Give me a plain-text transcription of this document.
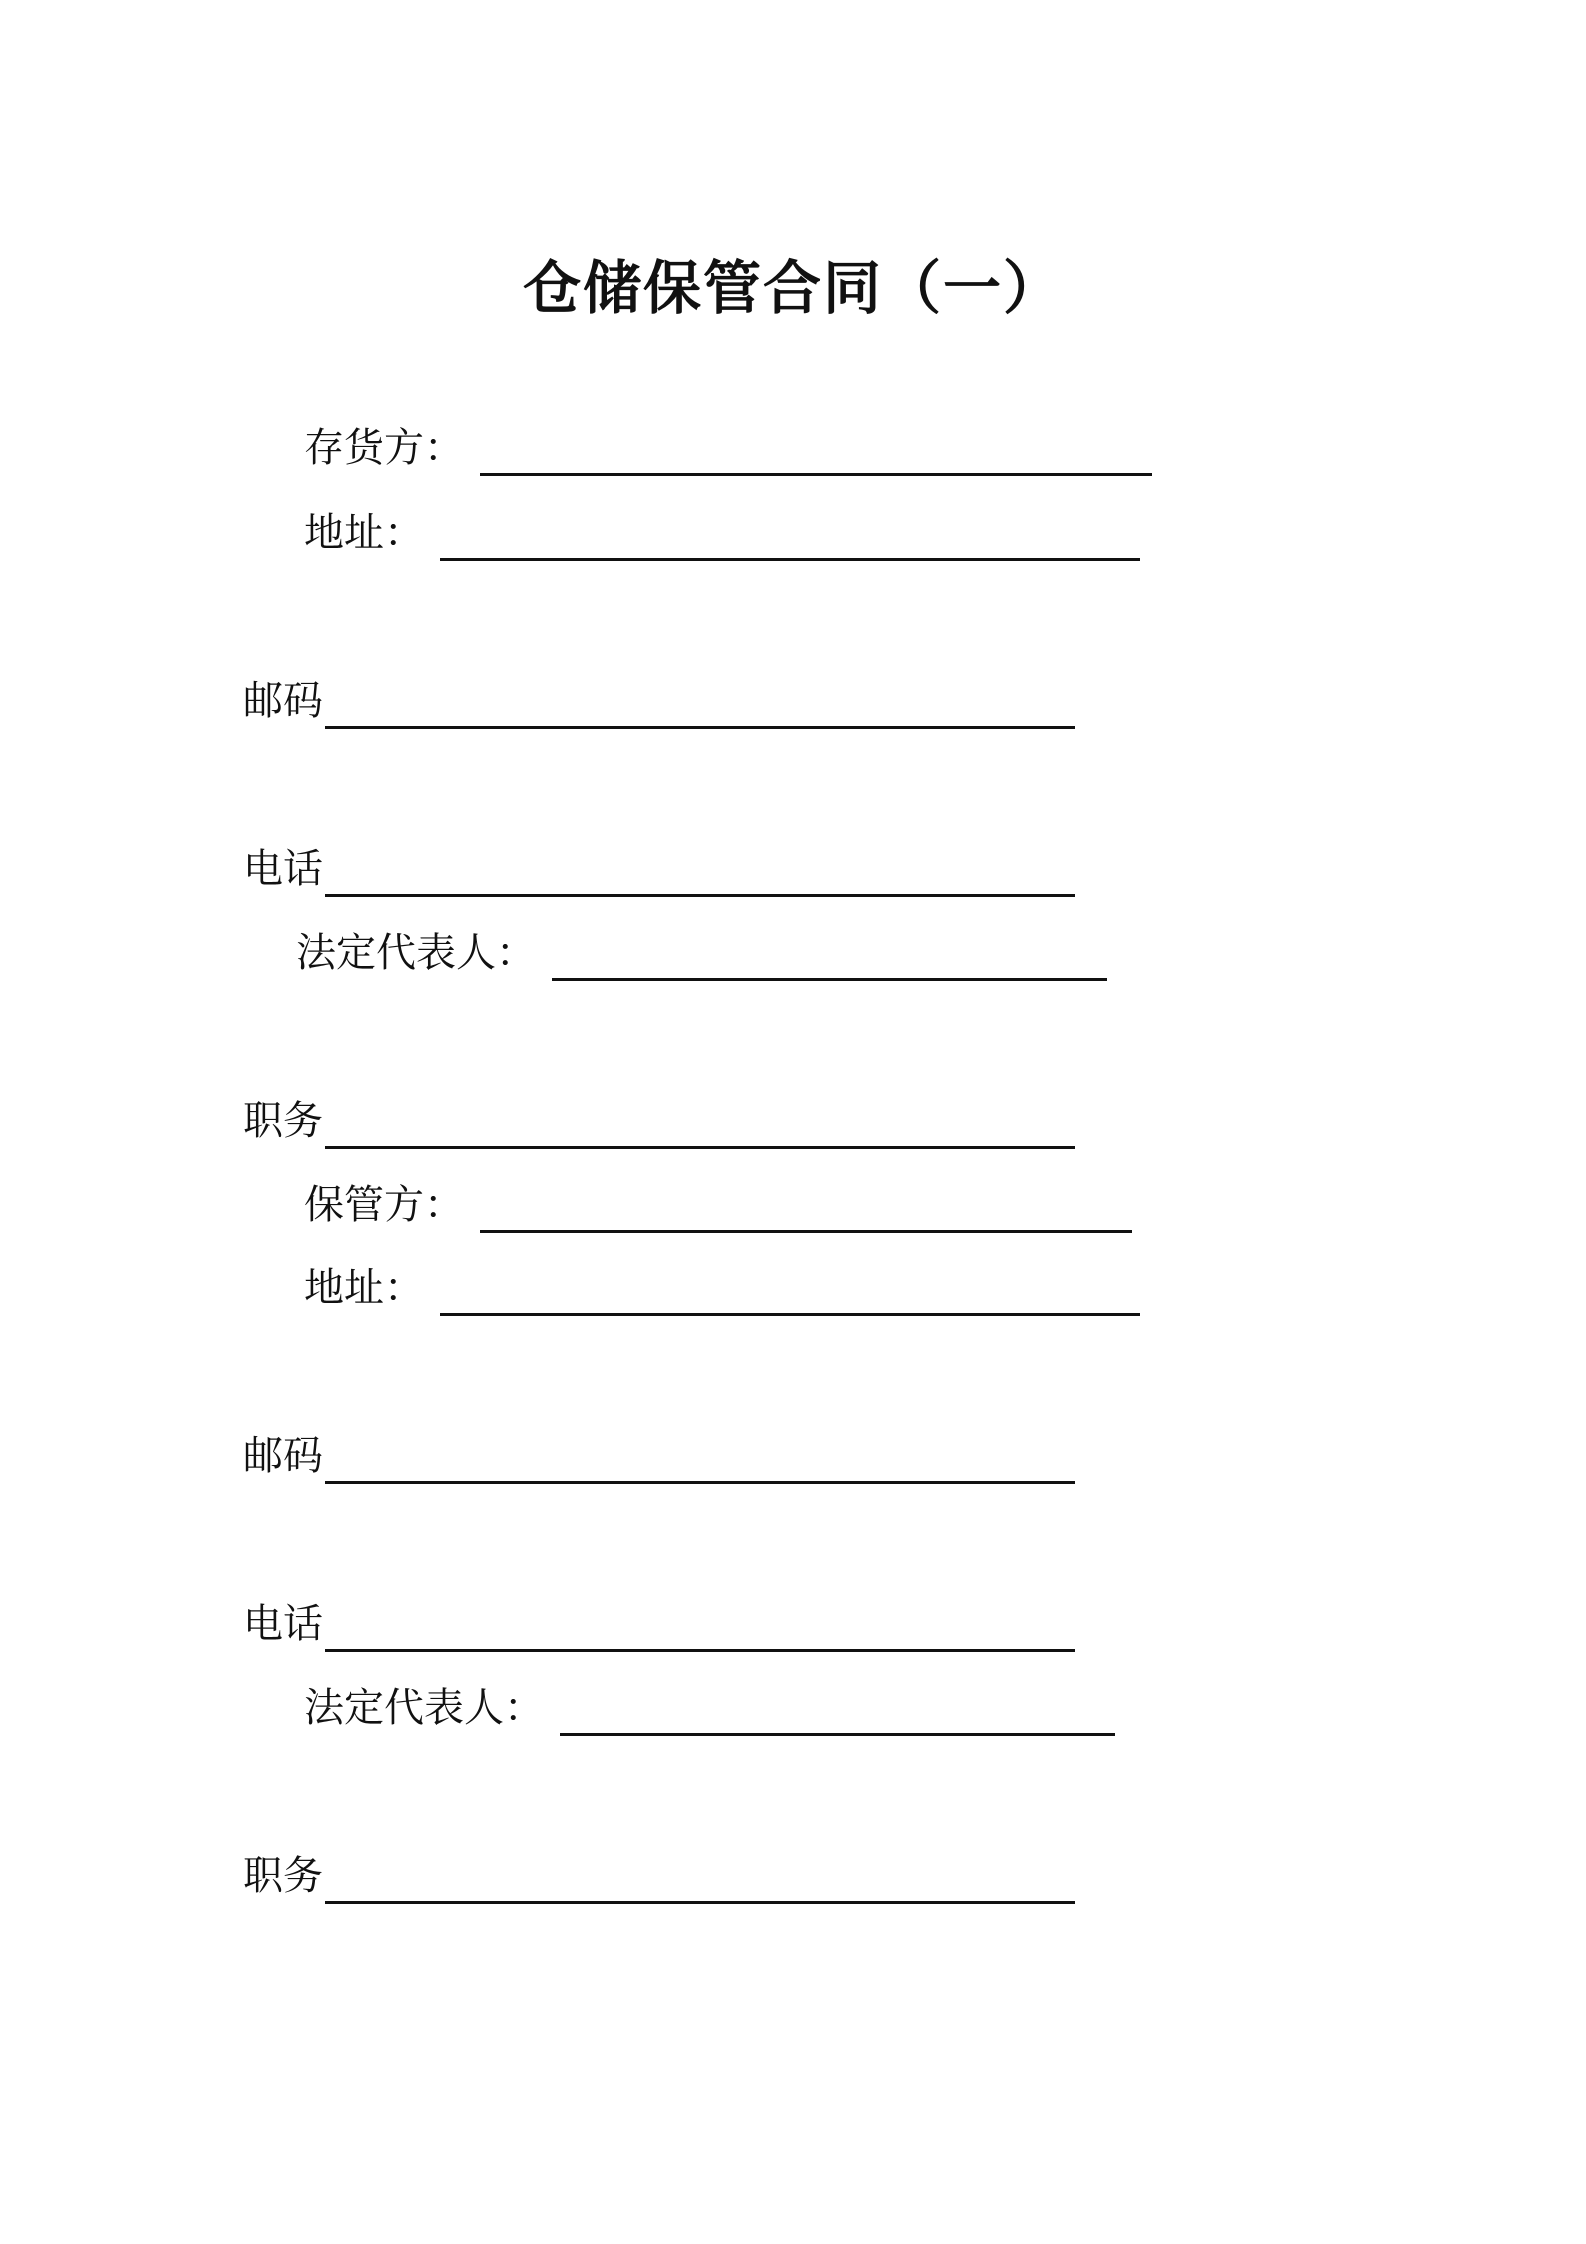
仓储保管合同（一）
存货方：
地址：
邮码
电话
法定代表人：
职务
保管方：
地址：
邮码
电话
法定代表人：
职务
